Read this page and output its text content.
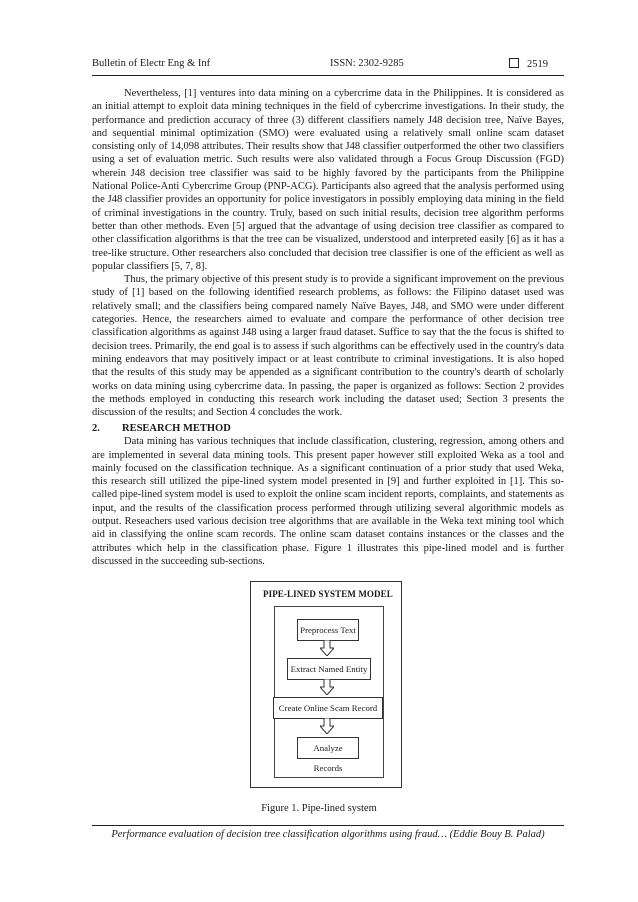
Bulletin of Electr Eng & Inf	ISSN: 2302-9285	2519

Nevertheless, [1] ventures into data mining on a cybercrime data in the Philippines. It is considered as an initial attempt to exploit data mining techniques in the field of cybercrime investigations. In their study, the performance and prediction accuracy of three (3) different classifiers namely J48 decision tree, Naïve Bayes, and sequential minimal optimization (SMO) were evaluated using a relatively small online scam dataset consisting only of 14,098 attributes. Their results show that J48 classifier outperformed the other two classifiers using a set of evaluation metric. Such results were also validated through a Focus Group Discussion (FGD) wherein J48 decision tree classifier was said to be highly favored by the participants from the Philippine National Police-Anti Cybercrime Group (PNP-ACG). Participants also agreed that the analysis performed using the J48 classifier provides an opportunity for police investigators in possibly employing data mining in the field of criminal investigations in the country. Truly, based on such initial results, decision tree algorithm performs better than other methods. Even [5] argued that the advantage of using decision tree classifier as compared to other classification algorithms is that the tree can be visualized, understood and interpreted easily [6] as it has a tree-like structure. Other researchers also concluded that decision tree classifier is one of the efficient as well as popular classifiers [5, 7, 8].

Thus, the primary objective of this present study is to provide a significant improvement on the previous study of [1] based on the following identified research problems, as follows: the Filipino dataset used was relatively small; and the classifiers being compared namely Naïve Bayes, J48, and SMO were under different categories. Hence, the researchers aimed to evaluate and compare the performance of other decision tree classification algorithms as against J48 using a larger fraud dataset. Suffice to say that the the focus is shifted to decision trees. Primarily, the end goal is to assess if such algorithms can be effectively used in the country's data mining endeavors that may positively impact or at least contribute to criminal investigations. It is also hoped that the results of this study may be appended as a significant contribution to the country's dearth of scholarly works on data mining using cybercrime data. In passing, the paper is organized as follows: Section 2 provides the methods employed in conducting this research work including the dataset used; Section 3 presents the discussion of the results; and Section 4 concludes the work.

2. RESEARCH METHOD

Data mining has various techniques that include classification, clustering, regression, among others and are implemented in several data mining tools. This present paper however still exploited Weka as a tool and mainly focused on the classification technique. As a significant continuation of a prior study that used Weka, this research still utilized the pipe-lined system model presented in [9] and further exploited in [1]. This so-called pipe-lined system model is used to exploit the online scam incident reports, complaints, and statements as input, and the results of the classification process performed through utilizing several algorithmic models as output. Reseachers used various decision tree algorithms that are available in the Weka text mining tool which aid in classifying the online scam records. The online scam dataset contains instances or the classes and the attributes which help in the classification phase. Figure 1 illustrates this pipe-lined model and is further discussed in the succeeding sub-sections.

PIPE-LINED SYSTEM MODEL
Preprocess Text
Extract Named Entity
Create Online Scam Record
Analyze Records
Figure 1. Pipe-lined system
Performance evaluation of decision tree classification algorithms using fraud… (Eddie Bouy B. Palad)
